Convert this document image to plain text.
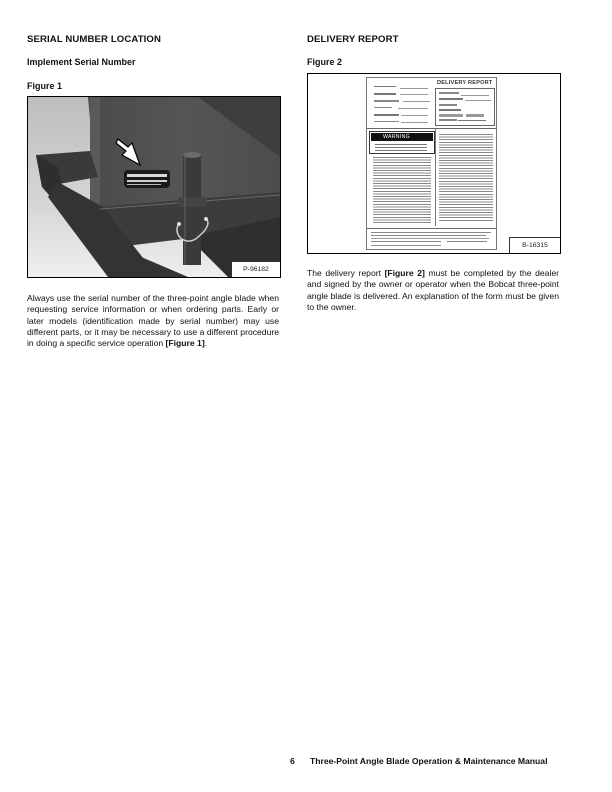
SERIAL NUMBER LOCATION
Implement Serial Number
Figure 1
P-96182
Always use the serial number of the three-point angle blade when requesting service information or when ordering parts. Early or later models (identification made by serial number) may use different parts, or it may be necessary to use a different procedure in doing a specific service operation [Figure 1].
DELIVERY REPORT
Figure 2
DELIVERY REPORT
WARNING
B-16315
The delivery report [Figure 2] must be completed by the dealer and signed by the owner or operator when the Bobcat three-point angle blade is delivered. An explanation of the form must be given to the owner.
6 Three-Point Angle Blade Operation & Maintenance Manual
